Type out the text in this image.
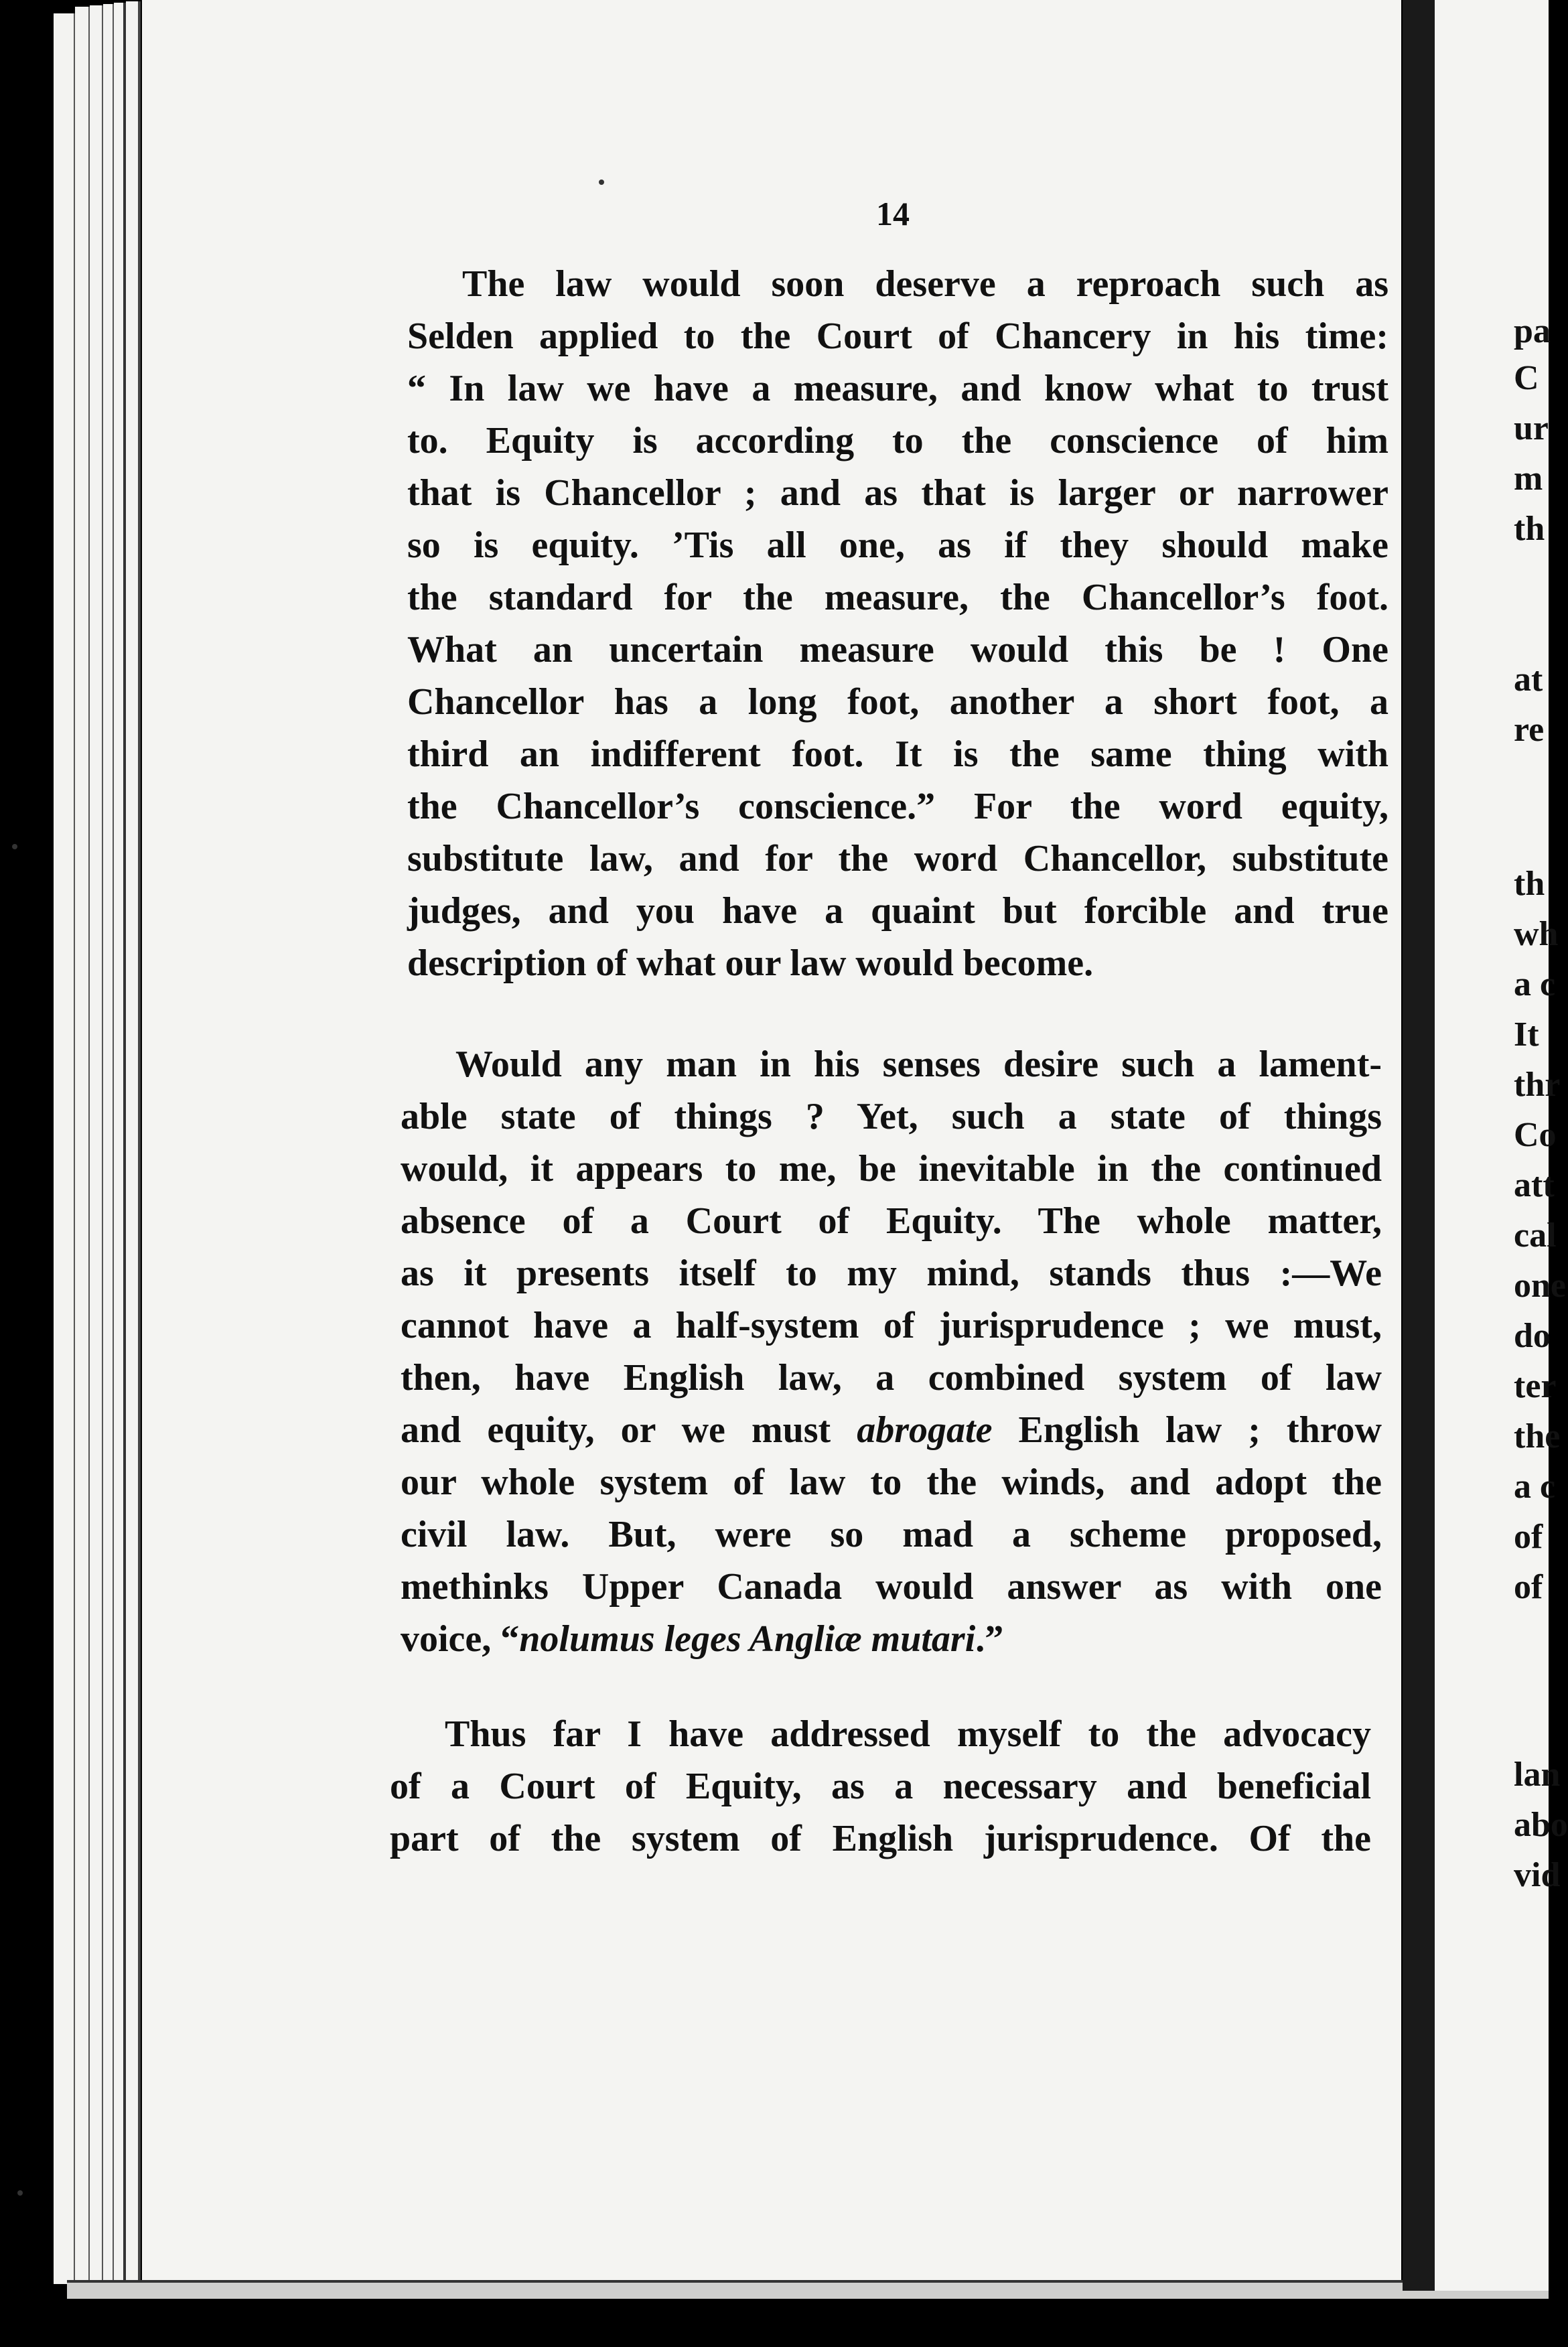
pa
C
ur
m
th
at
re
th
wh
a c
It
thr
Co
att
cal
one
do
ter
the
a c
of
of
lan
abo
vid
14

The law would soon deserve a reproach such as
Selden applied to the Court of Chancery in his time:
“ In law we have a measure, and know what to trust
to. Equity is according to the conscience of him
that is Chancellor ; and as that is larger or narrower
so is equity. ’Tis all one, as if they should make
the standard for the measure, the Chancellor’s foot.
What an uncertain measure would this be ! One
Chancellor has a long foot, another a short foot, a
third an indifferent foot. It is the same thing with
the Chancellor’s conscience.” For the word equity,
substitute law, and for the word Chancellor, substitute
judges, and you have a quaint but forcible and true
description of what our law would become.

Would any man in his senses desire such a lament-
able state of things ? Yet, such a state of things
would, it appears to me, be inevitable in the continued
absence of a Court of Equity. The whole matter,
as it presents itself to my mind, stands thus :—We
cannot have a half-system of jurisprudence ; we must,
then, have English law, a combined system of law
and equity, or we must abrogate English law ; throw
our whole system of law to the winds, and adopt the
civil law. But, were so mad a scheme proposed,
methinks Upper Canada would answer as with one
voice, “nolumus leges Angliæ mutari.”

Thus far I have addressed myself to the advocacy
of a Court of Equity, as a necessary and beneficial
part of the system of English jurisprudence. Of the
